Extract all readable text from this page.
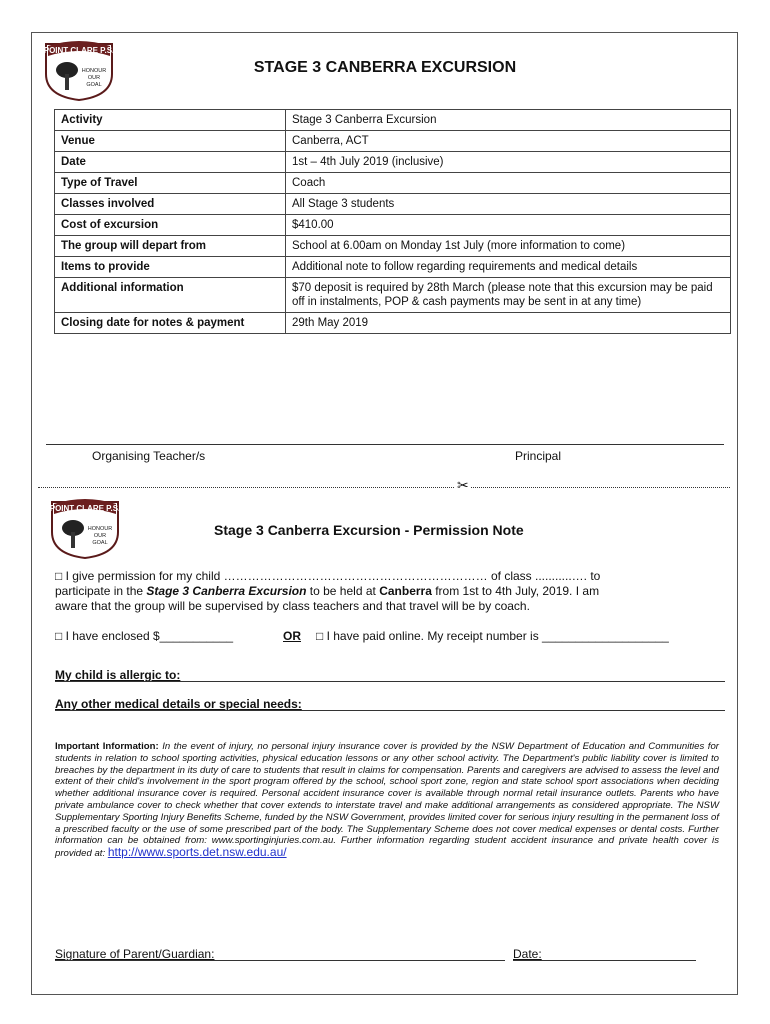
POINT CLARE P.S.
HONOUR
OUR
GOAL
STAGE 3 CANBERRA EXCURSION
Activity	Stage 3 Canberra Excursion
Venue	Canberra, ACT
Date	1st – 4th July 2019 (inclusive)
Type of Travel	Coach
Classes involved	All Stage 3 students
Cost of excursion	$410.00
The group will depart from	School at 6.00am on Monday 1st July (more information to come)
Items to provide	Additional note to follow regarding requirements and medical details
Additional information	$70 deposit is required by 28th March (please note that this excursion may be paid off in instalments, POP & cash payments may be sent in at any time)
Closing date for notes & payment	29th May 2019
Organising Teacher/s	Principal
✂
POINT CLARE P.S.
HONOUR
OUR
GOAL
Stage 3 Canberra Excursion - Permission Note
□ I give permission for my child ………………………………………………………… of class ...........…. to
participate in the Stage 3 Canberra Excursion to be held at Canberra from 1st to 4th July, 2019. I am
aware that the group will be supervised by class teachers and that travel will be by coach.
□ I have enclosed $___________	OR □ I have paid online. My receipt number is ___________________
My child is allergic to:
Any other medical details or special needs:
Important Information: In the event of injury, no personal injury insurance cover is provided by the NSW Department of Education and Communities for students in relation to school sporting activities, physical education lessons or any other school activity. The Department's public liability cover is limited to breaches by the department in its duty of care to students that result in claims for compensation. Parents and caregivers are advised to assess the level and extent of their child's involvement in the sport program offered by the school, school sport zone, region and state school sport associations when deciding whether additional insurance cover is required. Personal accident insurance cover is available through normal retail insurance outlets. Parents who have private ambulance cover to check whether that cover extends to interstate travel and make additional arrangements as considered appropriate. The NSW Supplementary Sporting Injury Benefits Scheme, funded by the NSW Government, provides limited cover for serious injury resulting in the permanent loss of a prescribed faculty or the use of some prescribed part of the body. The Supplementary Scheme does not cover medical expenses or dental costs. Further information can be obtained from: www.sportinginjuries.com.au. Further information regarding student accident insurance and private health cover is provided at: http://www.sports.det.nsw.edu.au/
Signature of Parent/Guardian:	Date:
